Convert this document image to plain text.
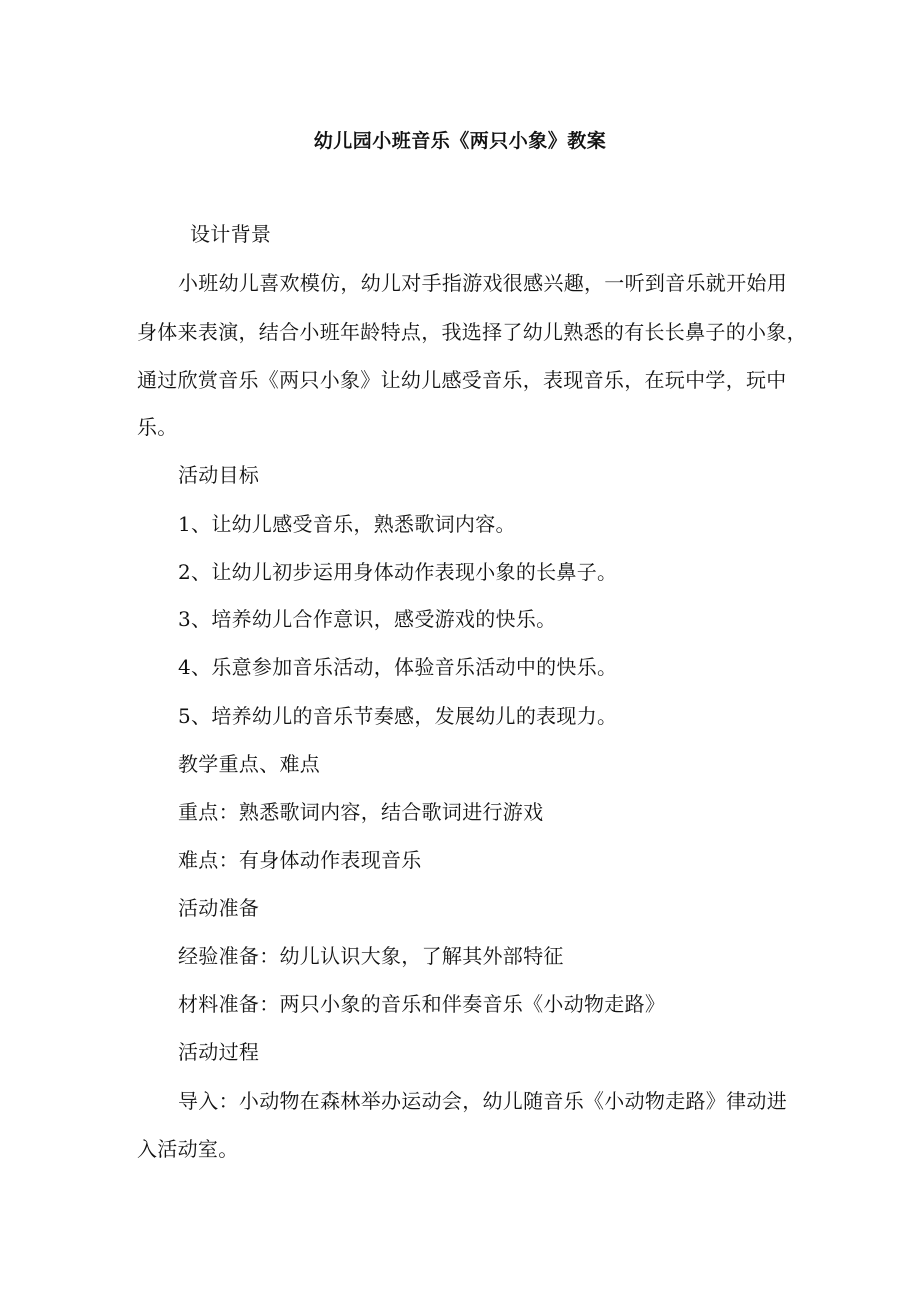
幼儿园小班音乐《两只小象》教案
设计背景
小班幼儿喜欢模仿，幼儿对手指游戏很感兴趣，一听到音乐就开始用
身体来表演，结合小班年龄特点，我选择了幼儿熟悉的有长长鼻子的小象，
通过欣赏音乐《两只小象》让幼儿感受音乐，表现音乐，在玩中学，玩中
乐。
活动目标
1、让幼儿感受音乐，熟悉歌词内容。
2、让幼儿初步运用身体动作表现小象的长鼻子。
3、培养幼儿合作意识，感受游戏的快乐。
4、乐意参加音乐活动，体验音乐活动中的快乐。
5、培养幼儿的音乐节奏感，发展幼儿的表现力。
教学重点、难点
重点：熟悉歌词内容，结合歌词进行游戏
难点：有身体动作表现音乐
活动准备
经验准备：幼儿认识大象，了解其外部特征
材料准备：两只小象的音乐和伴奏音乐《小动物走路》
活动过程
导入：小动物在森林举办运动会，幼儿随音乐《小动物走路》律动进
入活动室。
